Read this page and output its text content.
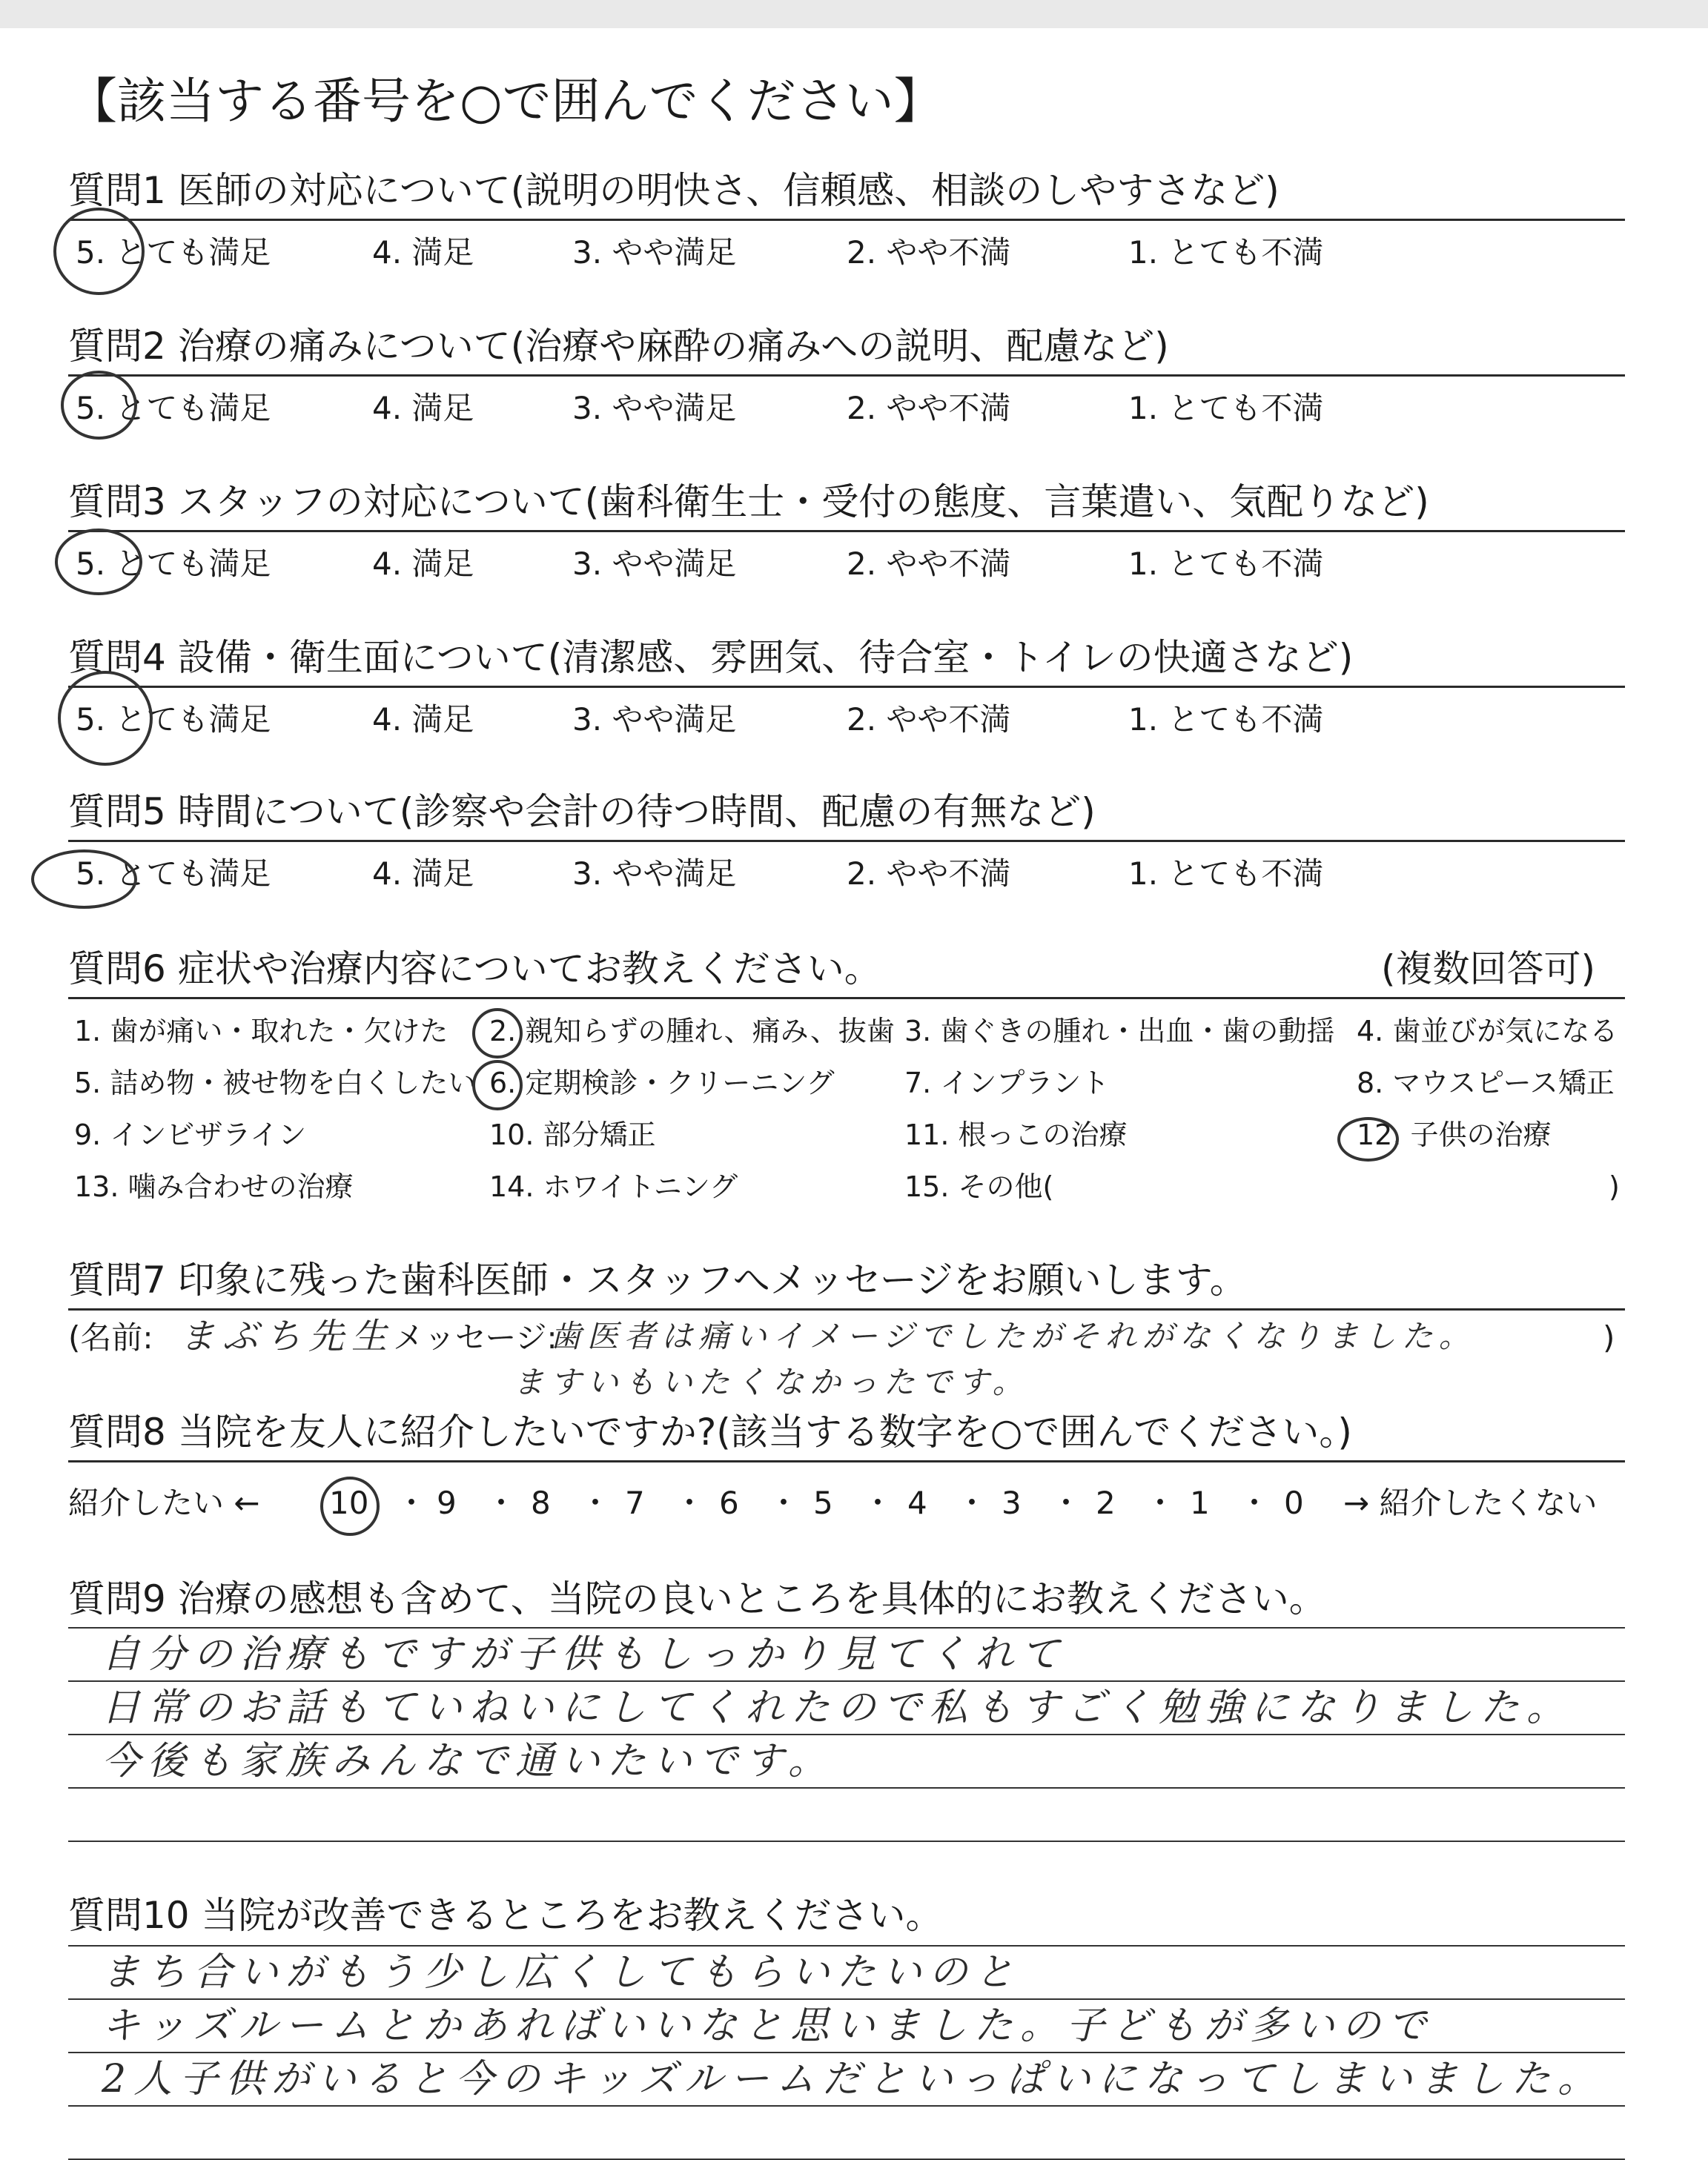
【該当する番号を○で囲んでください】
質問1 医師の対応について(説明の明快さ、信頼感、相談のしやすさなど)
5. とても満足	4. 満足	3. やや満足	2. やや不満	1. とても不満
質問2 治療の痛みについて(治療や麻酔の痛みへの説明、配慮など)
5. とても満足	4. 満足	3. やや満足	2. やや不満	1. とても不満
質問3 スタッフの対応について(歯科衛生士・受付の態度、言葉遣い、気配りなど)
5. とても満足	4. 満足	3. やや満足	2. やや不満	1. とても不満
質問4 設備・衛生面について(清潔感、雰囲気、待合室・トイレの快適さなど)
5. とても満足	4. 満足	3. やや満足	2. やや不満	1. とても不満
質問5 時間について(診察や会計の待つ時間、配慮の有無など)
5. とても満足	4. 満足	3. やや満足	2. やや不満	1. とても不満
質問6 症状や治療内容についてお教えください。	(複数回答可)
1. 歯が痛い・取れた・欠けた 2. 親知らずの腫れ、痛み、抜歯 3. 歯ぐきの腫れ・出血・歯の動揺 4. 歯並びが気になる
5. 詰め物・被せ物を白くしたい 6. 定期検診・クリーニング 7. インプラント	8. マウスピース矯正
9. インビザライン	10. 部分矯正	11. 根っこの治療	12. 子供の治療
13. 噛み合わせの治療	14. ホワイトニング	15. その他(	)
質問7 印象に残った歯科医師・スタッフへメッセージをお願いします。
(名前: まぶち先生
メッセージ:
歯医者は痛いイメージでしたがそれがなくなりました。
ますいもいたくなかったです。
)
質問8 当院を友人に紹介したいですか?(該当する数字を○で囲んでください。)
紹介したい ← 10 ・ 9 ・ 8 ・ 7 ・ 6 ・ 5 ・ 4 ・ 3 ・ 2 ・ 1 ・ 0 → 紹介したくない
質問9 治療の感想も含めて、当院の良いところを具体的にお教えください。
自分の治療もですが子供もしっかり見てくれて
日常のお話もていねいにしてくれたので私もすごく勉強になりました。
今後も家族みんなで通いたいです。
質問10 当院が改善できるところをお教えください。
まち合いがもう少し広くしてもらいたいのと
キッズルームとかあればいいなと思いました。子どもが多いので
2人子供がいると今のキッズルームだといっぱいになってしまいました。
